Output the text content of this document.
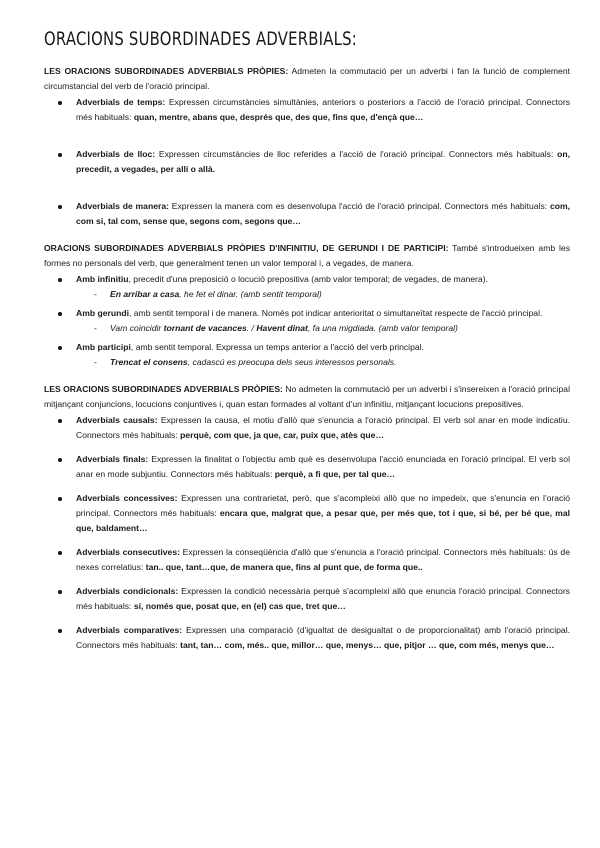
ORACIONS SUBORDINADES ADVERBIALS:

LES ORACIONS SUBORDINADES ADVERBIALS PRÒPIES: Admeten la commutació per un adverbi i fan la funció de complement circumstancial del verb de l'oració principal.

Adverbials de temps: Expressen circumstàncies simultànies, anteriors o posteriors a l'acció de l'oració principal. Connectors més habituals: quan, mentre, abans que, després que, des que, fins que, d'ençà que…
Adverbials de lloc: Expressen circumstàncies de lloc referides a l'acció de l'oració principal. Connectors més habituals: on, precedit, a vegades, per allí o allà.
Adverbials de manera: Expressen la manera com es desenvolupa l'acció de l'oració principal. Connectors més habituals: com, com si, tal com, sense que, segons com, segons que…

ORACIONS SUBORDINADES ADVERBIALS PRÒPIES D'INFINITIU, DE GERUNDI I DE PARTICIPI: També s'introdueixen amb les formes no personals del verb, que generalment tenen un valor temporal i, a vegades, de manera.

Amb infinitiu, precedit d'una preposició o locució prepositiva (amb valor temporal; de vegades, de manera).
- En arribar a casa, he fet el dinar. (amb sentit temporal)
Amb gerundi, amb sentit temporal i de manera. Només pot indicar anterioritat o simultaneïtat respecte de l'acció principal.
- Vam coincidir tornant de vacances. / Havent dinat, fa una migdiada. (amb valor temporal)
Amb participi, amb sentit temporal. Expressa un temps anterior a l'acció del verb principal.
- Trencat el consens, cadascú es preocupa dels seus interessos personals.

LES ORACIONS SUBORDINADES ADVERBIALS PRÒPIES: No admeten la commutació per un adverbi i s'insereixen a l'oració principal mitjançant conjuncions, locucions conjuntives i, quan estan formades al voltant d'un infinitiu, mitjançant locucions prepositives.

Adverbials causals: Expressen la causa, el motiu d'allò que s'enuncia a l'oració principal. El verb sol anar en mode indicatiu. Connectors més habituals: perquè, com que, ja que, car, puix que, atès que…
Adverbials finals: Expressen la finalitat o l'objectiu amb què es desenvolupa l'acció enunciada en l'oració principal. El verb sol anar en mode subjuntiu. Connectors més habituals: perquè, a fi que, per tal que…
Adverbials concessives: Expressen una contrarietat, però, que s'acompleixi allò que no impedeix, que s'enuncia en l'oració principal. Connectors més habituals: encara que, malgrat que, a pesar que, per més que, tot i que, si bé, per bé que, mal que, baldament…
Adverbials consecutives: Expressen la conseqüència d'allò que s'enuncia a l'oració principal. Connectors més habituals: ús de nexes correlatius: tan.. que, tant…que, de manera que, fins al punt que, de forma que..
Adverbials condicionals: Expressen la condició necessària perquè s'acompleixi allò que enuncia l'oració principal. Connectors més habituals: sí, només que, posat que, en (el) cas que, tret que…
Adverbials comparatives: Expressen una comparació (d'igualtat de desigualtat o de proporcionalitat) amb l'oració principal. Connectors més habituals: tant, tan… com, més.. que, millor… que, menys… que, pitjor … que, com més, menys que…
